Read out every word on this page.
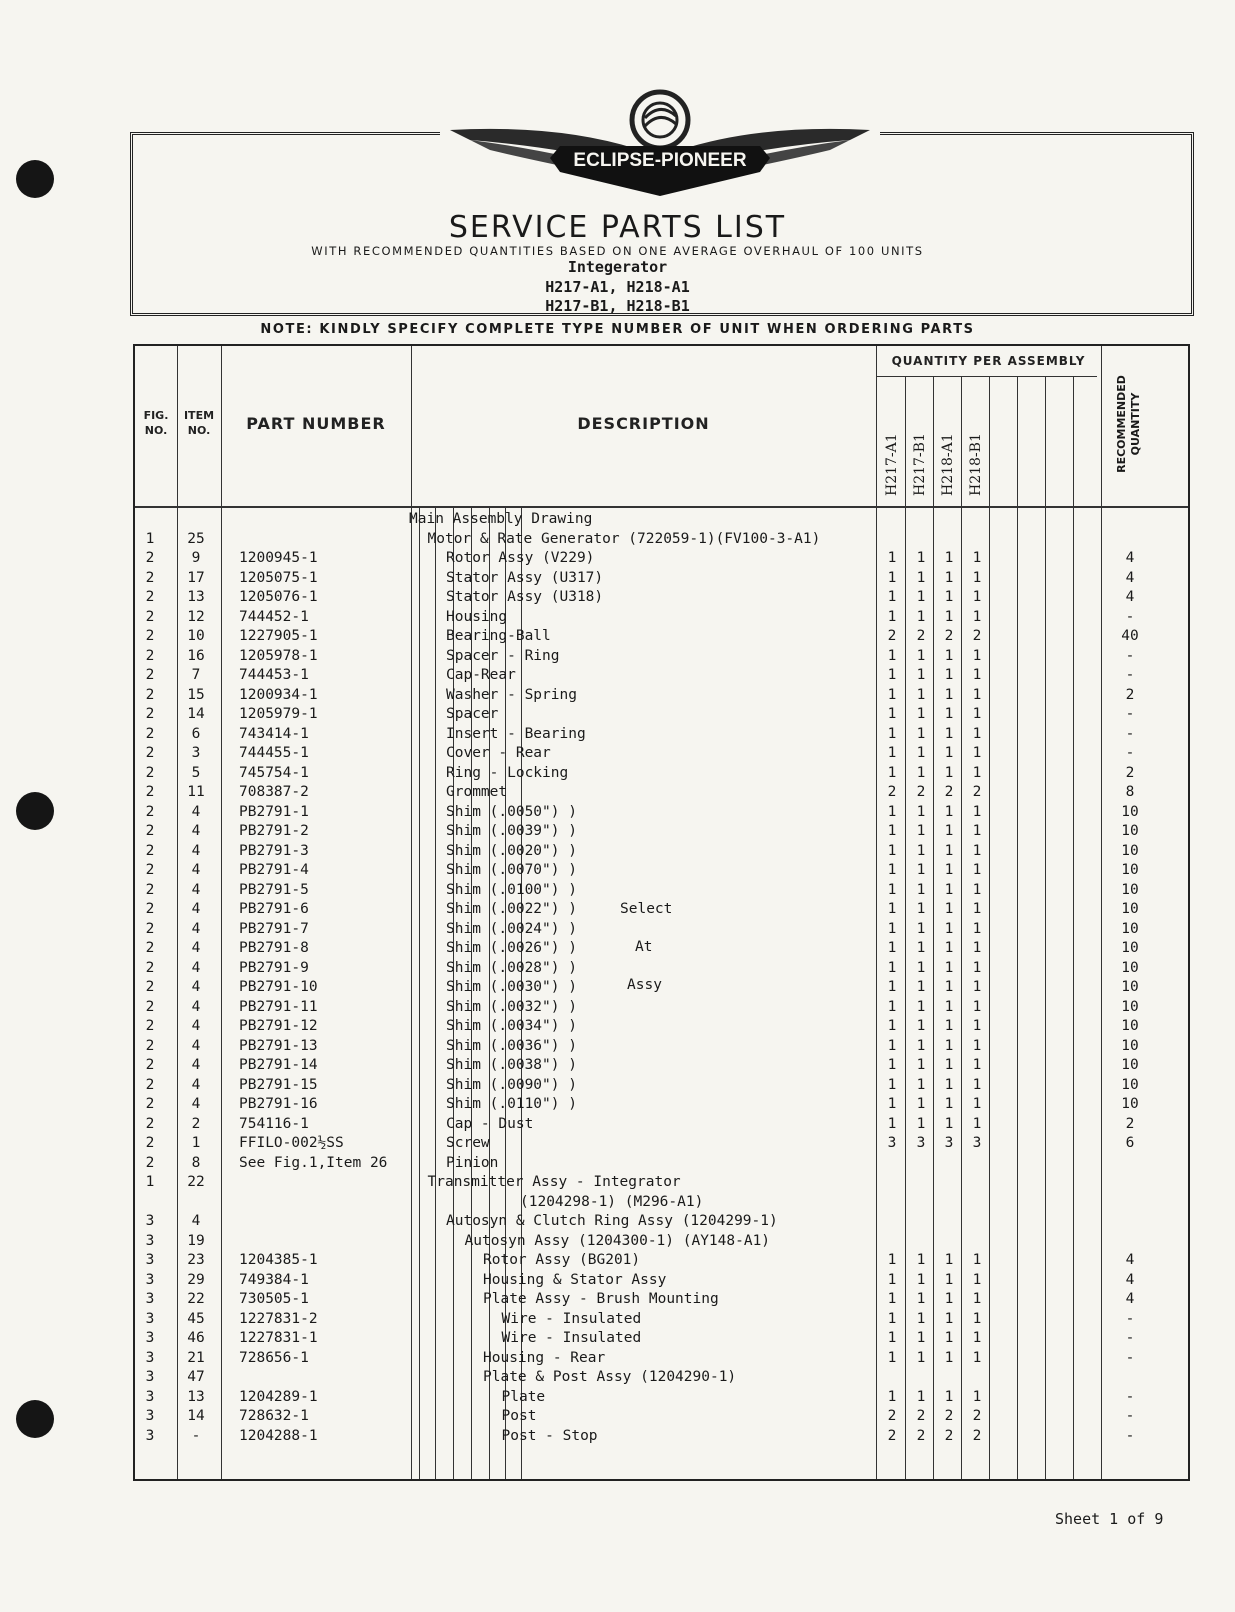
ECLIPSE-PIONEER
SERVICE PARTS LIST
WITH RECOMMENDED QUANTITIES BASED ON ONE AVERAGE OVERHAUL OF 100 UNITS
Integerator
H217-A1, H218-A1
H217-B1, H218-B1
NOTE: KINDLY SPECIFY COMPLETE TYPE NUMBER OF UNIT WHEN ORDERING PARTS
FIG. NO.
ITEM NO.	PART NUMBER	DESCRIPTION
QUANTITY PER ASSEMBLY
H217-A1 H217-B1 H218-A1 H218-B1	RECOMMENDED QUANTITY
Main Assembly Drawing
1	25	Motor & Rate Generator (722059-1)(FV100-3-A1)
2	9	1200945-1	Rotor Assy (V229)	1	1	1	1	4
2	17 1205075-1	Stator Assy (U317)	1	1	1	1	4
2	13 1205076-1	Stator Assy (U318)	1	1	1	1	4
2	12 744452-1	Housing	1	1	1	1	-
2	10 1227905-1	Bearing-Ball	2	2	2	2	40
2	16 1205978-1	Spacer - Ring	1	1	1	1	-
2	7	744453-1	Cap-Rear	1	1	1	1	-
2	15 1200934-1	Washer - Spring	1	1	1	1	2
2	14 1205979-1	Spacer	1	1	1	1	-
2	6	743414-1	Insert - Bearing	1	1	1	1	-
2	3	744455-1	Cover - Rear	1	1	1	1	-
2	5	745754-1	Ring - Locking	1	1	1	1	2
2	11 708387-2	Grommet	2	2	2	2	8
2	4	PB2791-1	Shim (.0050") )	1	1	1	1	10
2	4	PB2791-2	Shim (.0039") )	1	1	1	1	10
2	4	PB2791-3	Shim (.0020") )	1	1	1	1	10
2	4	PB2791-4	Shim (.0070") )	1	1	1	1	10
2	4	PB2791-5	Shim (.0100") )	1	1	1	1	10
2	4	PB2791-6	Shim (.0022") )	1	1	1	1	10
2	4	PB2791-7	Shim (.0024") )	1	1	1	1	10
2	4	PB2791-8	Shim (.0026") )	1	1	1	1	10
2	4	PB2791-9	Shim (.0028") )	1	1	1	1	10
2	4	PB2791-10	Shim (.0030") )	1	1	1	1	10
2	4	PB2791-11	Shim (.0032") )	1	1	1	1	10
2	4	PB2791-12	Shim (.0034") )	1	1	1	1	10
2	4	PB2791-13	Shim (.0036") )	1	1	1	1	10
2	4	PB2791-14	Shim (.0038") )	1	1	1	1	10
2	4	PB2791-15	Shim (.0090") )	1	1	1	1	10
2	4	PB2791-16	Shim (.0110") )	1	1	1	1	10
2	2	754116-1	Cap - Dust	1	1	1	1	2
2	1	FFILO-002½SS	Screw	3	3	3	3	6
2	8	See Fig.1,Item 26	Pinion
1	22	Transmitter Assy - Integrator
(1204298-1) (M296-A1)
3	4	Autosyn & Clutch Ring Assy (1204299-1)
3	19	Autosyn Assy (1204300-1) (AY148-A1)
3	23 1204385-1	Rotor Assy (BG201)	1	1	1	1	4
3	29 749384-1	Housing & Stator Assy	1	1	1	1	4
3	22 730505-1	Plate Assy - Brush Mounting	1	1	1	1	4
3	45 1227831-2	Wire - Insulated	1	1	1	1	-
3	46 1227831-1	Wire - Insulated	1	1	1	1	-
3	21 728656-1	Housing - Rear	1	1	1	1	-
3	47	Plate & Post Assy (1204290-1)
3	13 1204289-1	Plate	1	1	1	1	-
3	14 728632-1	Post	2	2	2	2	-
3	-	1204288-1	Post - Stop	2	2	2	2	-
Select
At
Assy
Sheet 1 of 9
